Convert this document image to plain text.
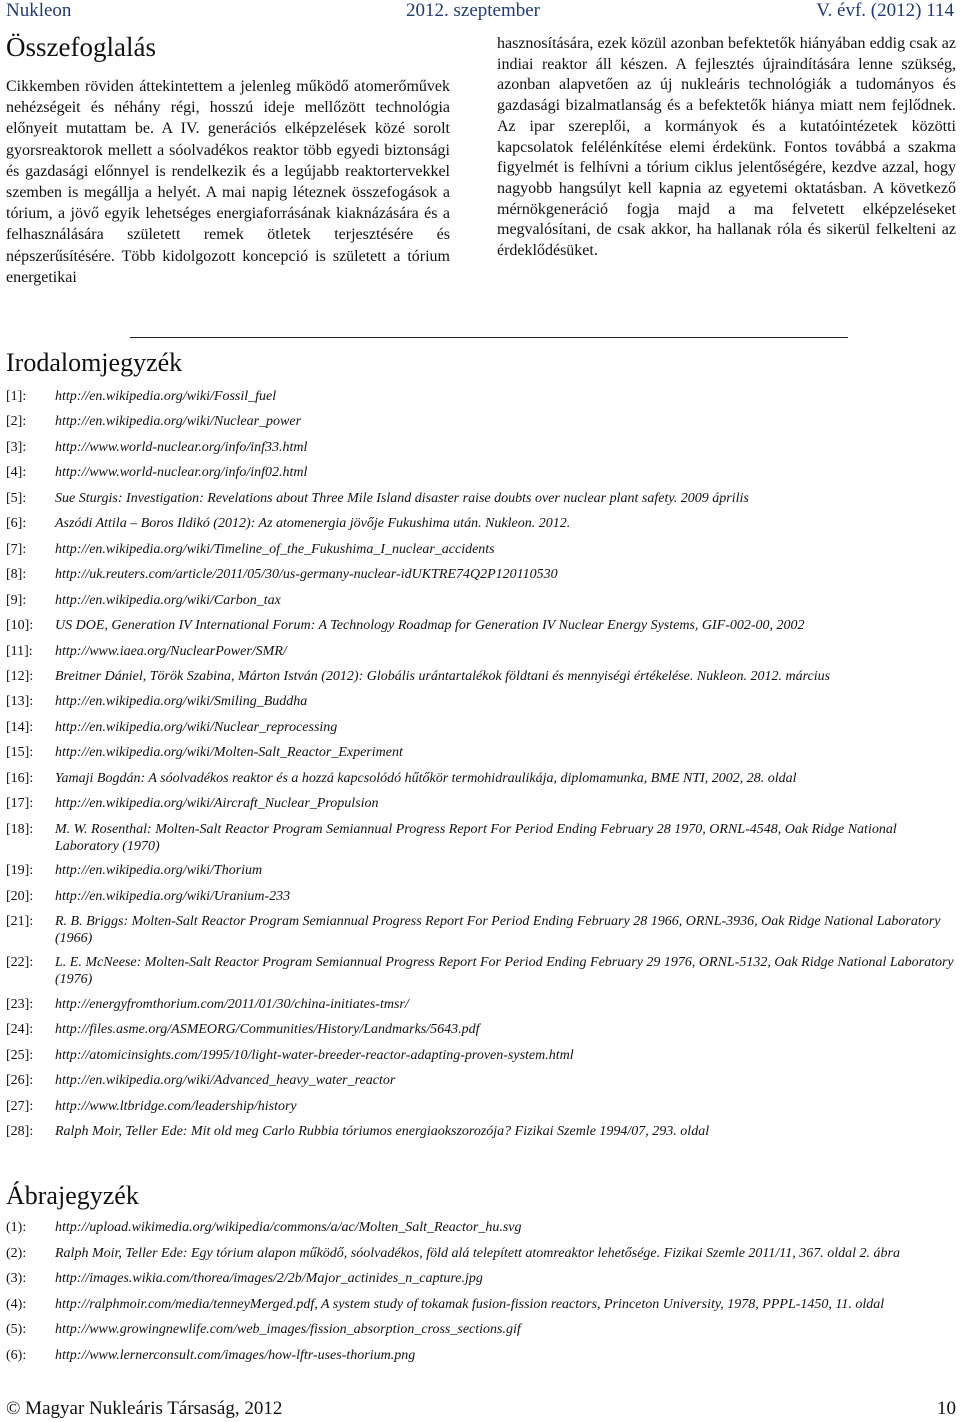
Nukleon	2012. szeptember	V. évf. (2012) 114
Összefoglalás

Cikkemben röviden áttekintettem a jelenleg működő atomerőművek nehézségeit és néhány régi, hosszú ideje mellőzött technológia előnyeit mutattam be. A IV. generációs elképzelések közé sorolt gyorsreaktorok mellett a sóolvadékos reaktor több egyedi biztonsági és gazdasági előnnyel is rendelkezik és a legújabb reaktortervekkel szemben is megállja a helyét. A mai napig léteznek összefogások a tórium, a jövő egyik lehetséges energiaforrásának kiaknázására és a felhasználására született remek ötletek terjesztésére és népszerűsítésére. Több kidolgozott koncepció is született a tórium energetikai

hasznosítására, ezek közül azonban befektetők hiányában eddig csak az indiai reaktor áll készen. A fejlesztés újraindítására lenne szükség, azonban alapvetően az új nukleáris technológiák a tudományos és gazdasági bizalmatlanság és a befektetők hiánya miatt nem fejlődnek. Az ipar szereplői, a kormányok és a kutatóintézetek közötti kapcsolatok felélénkítése elemi érdekünk. Fontos továbbá a szakma figyelmét is felhívni a tórium ciklus jelentőségére, kezdve azzal, hogy nagyobb hangsúlyt kell kapnia az egyetemi oktatásban. A következő mérnökgeneráció fogja majd a ma felvetett elképzeléseket megvalósítani, de csak akkor, ha hallanak róla és sikerül felkelteni az érdeklődésüket.

Irodalomjegyzék

[1]: http://en.wikipedia.org/wiki/Fossil_fuel

[2]: http://en.wikipedia.org/wiki/Nuclear_power

[3]: http://www.world-nuclear.org/info/inf33.html

[4]: http://www.world-nuclear.org/info/inf02.html

[5]: Sue Sturgis: Investigation: Revelations about Three Mile Island disaster raise doubts over nuclear plant safety. 2009 április

[6]: Aszódi Attila – Boros Ildikó (2012): Az atomenergia jövője Fukushima után. Nukleon. 2012.

[7]: http://en.wikipedia.org/wiki/Timeline_of_the_Fukushima_I_nuclear_accidents

[8]: http://uk.reuters.com/article/2011/05/30/us-germany-nuclear-idUKTRE74Q2P120110530

[9]: http://en.wikipedia.org/wiki/Carbon_tax

[10]: US DOE, Generation IV International Forum: A Technology Roadmap for Generation IV Nuclear Energy Systems, GIF-002-00, 2002

[11]: http://www.iaea.org/NuclearPower/SMR/

[12]: Breitner Dániel, Török Szabina, Márton István (2012): Globális urántartalékok földtani és mennyiségi értékelése. Nukleon. 2012. március

[13]: http://en.wikipedia.org/wiki/Smiling_Buddha

[14]: http://en.wikipedia.org/wiki/Nuclear_reprocessing

[15]: http://en.wikipedia.org/wiki/Molten-Salt_Reactor_Experiment

[16]: Yamaji Bogdán: A sóolvadékos reaktor és a hozzá kapcsolódó hűtőkör termohidraulikája, diplomamunka, BME NTI, 2002, 28. oldal

[17]: http://en.wikipedia.org/wiki/Aircraft_Nuclear_Propulsion

[18]: M. W. Rosenthal: Molten-Salt Reactor Program Semiannual Progress Report For Period Ending February 28 1970, ORNL-4548, Oak Ridge National Laboratory (1970)

[19]: http://en.wikipedia.org/wiki/Thorium

[20]: http://en.wikipedia.org/wiki/Uranium-233

[21]: R. B. Briggs: Molten-Salt Reactor Program Semiannual Progress Report For Period Ending February 28 1966, ORNL-3936, Oak Ridge National Laboratory (1966)

[22]: L. E. McNeese: Molten-Salt Reactor Program Semiannual Progress Report For Period Ending February 29 1976, ORNL-5132, Oak Ridge National Laboratory (1976)

[23]: http://energyfromthorium.com/2011/01/30/china-initiates-tmsr/

[24]: http://files.asme.org/ASMEORG/Communities/History/Landmarks/5643.pdf

[25]: http://atomicinsights.com/1995/10/light-water-breeder-reactor-adapting-proven-system.html

[26]: http://en.wikipedia.org/wiki/Advanced_heavy_water_reactor

[27]: http://www.ltbridge.com/leadership/history

[28]: Ralph Moir, Teller Ede: Mit old meg Carlo Rubbia tóriumos energiaokszorozója? Fizikai Szemle 1994/07, 293. oldal

Ábrajegyzék

(1): http://upload.wikimedia.org/wikipedia/commons/a/ac/Molten_Salt_Reactor_hu.svg

(2): Ralph Moir, Teller Ede: Egy tórium alapon működő, sóolvadékos, föld alá telepített atomreaktor lehetősége. Fizikai Szemle 2011/11, 367. oldal 2. ábra

(3): http://images.wikia.com/thorea/images/2/2b/Major_actinides_n_capture.jpg

(4): http://ralphmoir.com/media/tenneyMerged.pdf, A system study of tokamak fusion-fission reactors, Princeton University, 1978, PPPL-1450, 11. oldal

(5): http://www.growingnewlife.com/web_images/fission_absorption_cross_sections.gif

(6): http://www.lernerconsult.com/images/how-lftr-uses-thorium.png

© Magyar Nukleáris Társaság, 2012	10
